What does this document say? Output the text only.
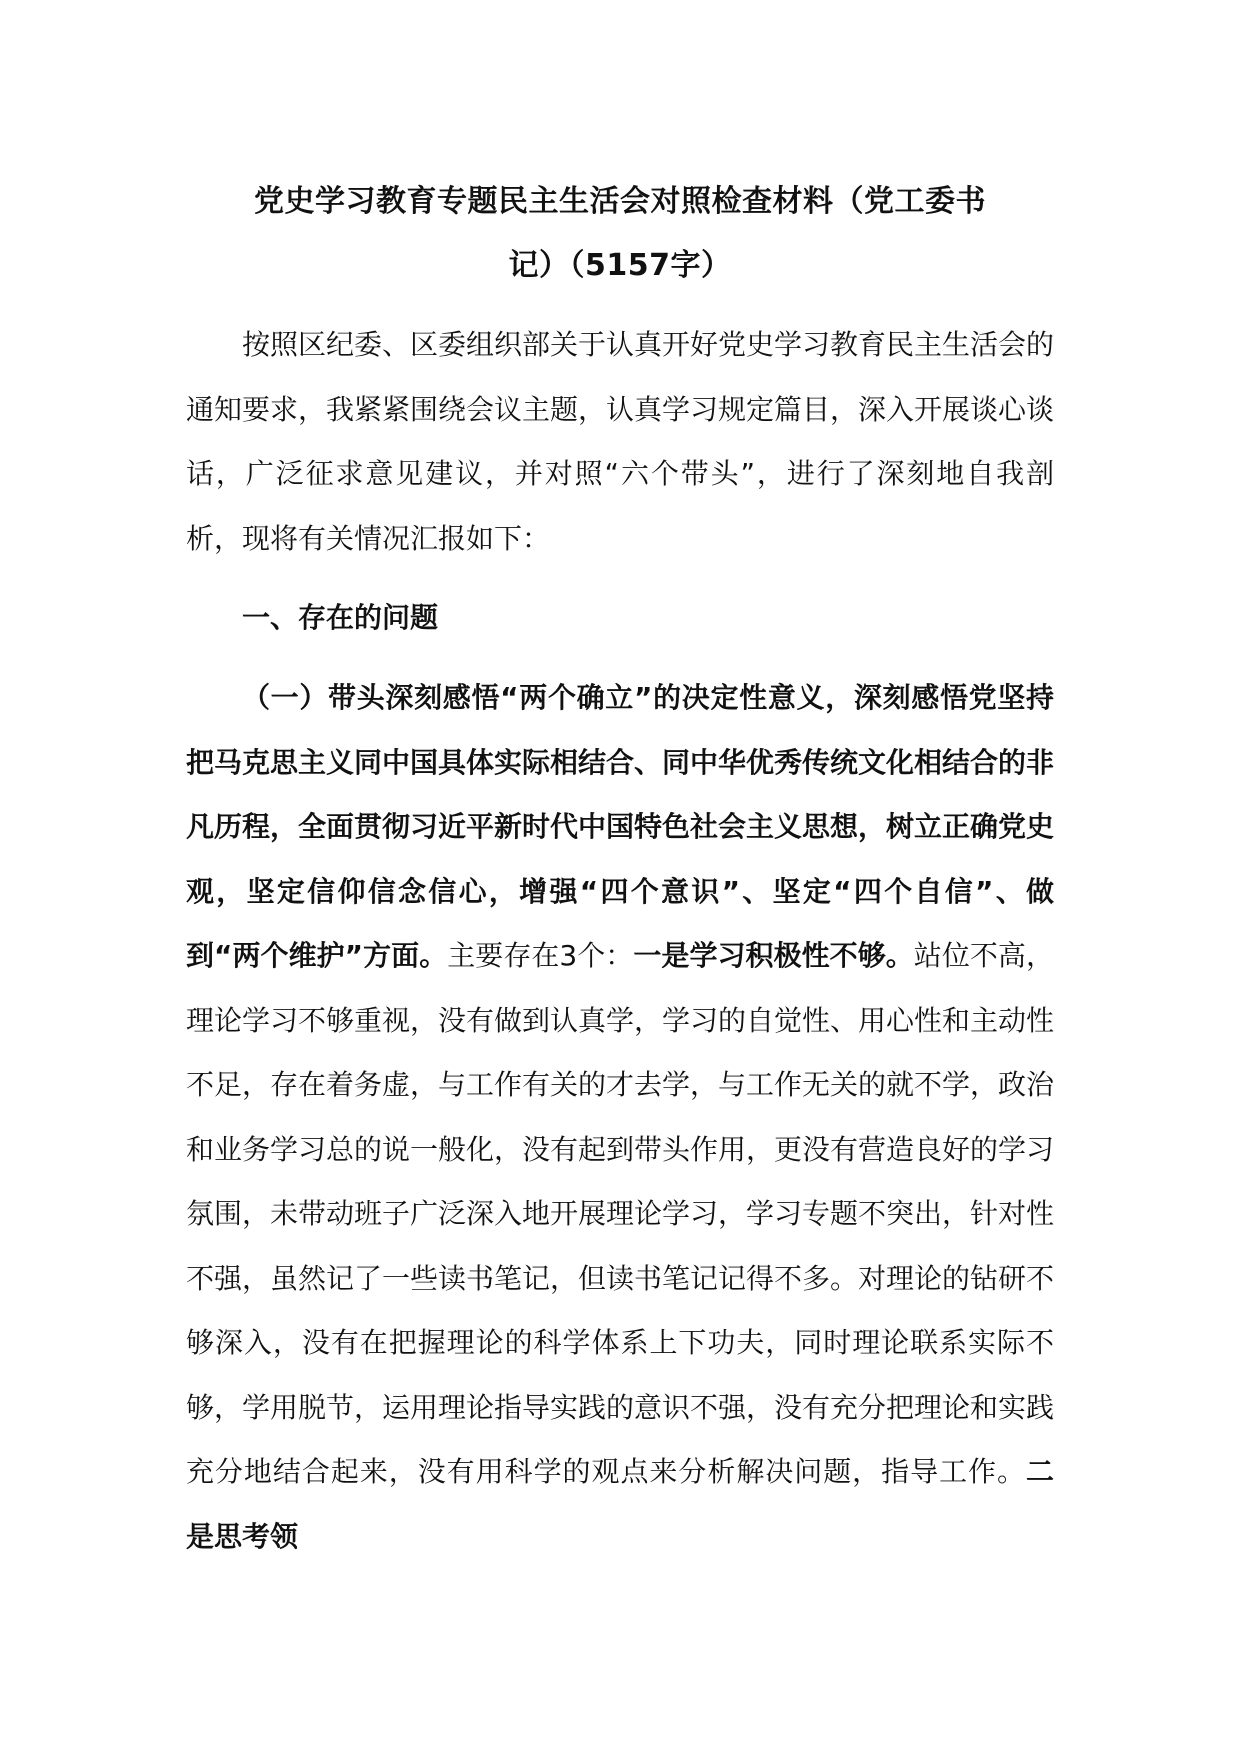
党史学习教育专题民主生活会对照检查材料（党工委书
记）（5157字）

按照区纪委、区委组织部关于认真开好党史学习教育民主生活会的通知要求，我紧紧围绕会议主题，认真学习规定篇目，深入开展谈心谈话，广泛征求意见建议，并对照“六个带头”，进行了深刻地自我剖析，现将有关情况汇报如下：

一、存在的问题

（一）带头深刻感悟“两个确立”的决定性意义，深刻感悟党坚持把马克思主义同中国具体实际相结合、同中华优秀传统文化相结合的非凡历程，全面贯彻习近平新时代中国特色社会主义思想，树立正确党史观，坚定信仰信念信心，增强“四个意识”、坚定“四个自信”、做到“两个维护”方面。主要存在3个：一是学习积极性不够。站位不高，理论学习不够重视，没有做到认真学，学习的自觉性、用心性和主动性不足，存在着务虚，与工作有关的才去学，与工作无关的就不学，政治和业务学习总的说一般化，没有起到带头作用，更没有营造良好的学习氛围，未带动班子广泛深入地开展理论学习，学习专题不突出，针对性不强，虽然记了一些读书笔记，但读书笔记记得不多。对理论的钻研不够深入，没有在把握理论的科学体系上下功夫，同时理论联系实际不够，学用脱节，运用理论指导实践的意识不强，没有充分把理论和实践充分地结合起来，没有用科学的观点来分析解决问题，指导工作。二是思考领
